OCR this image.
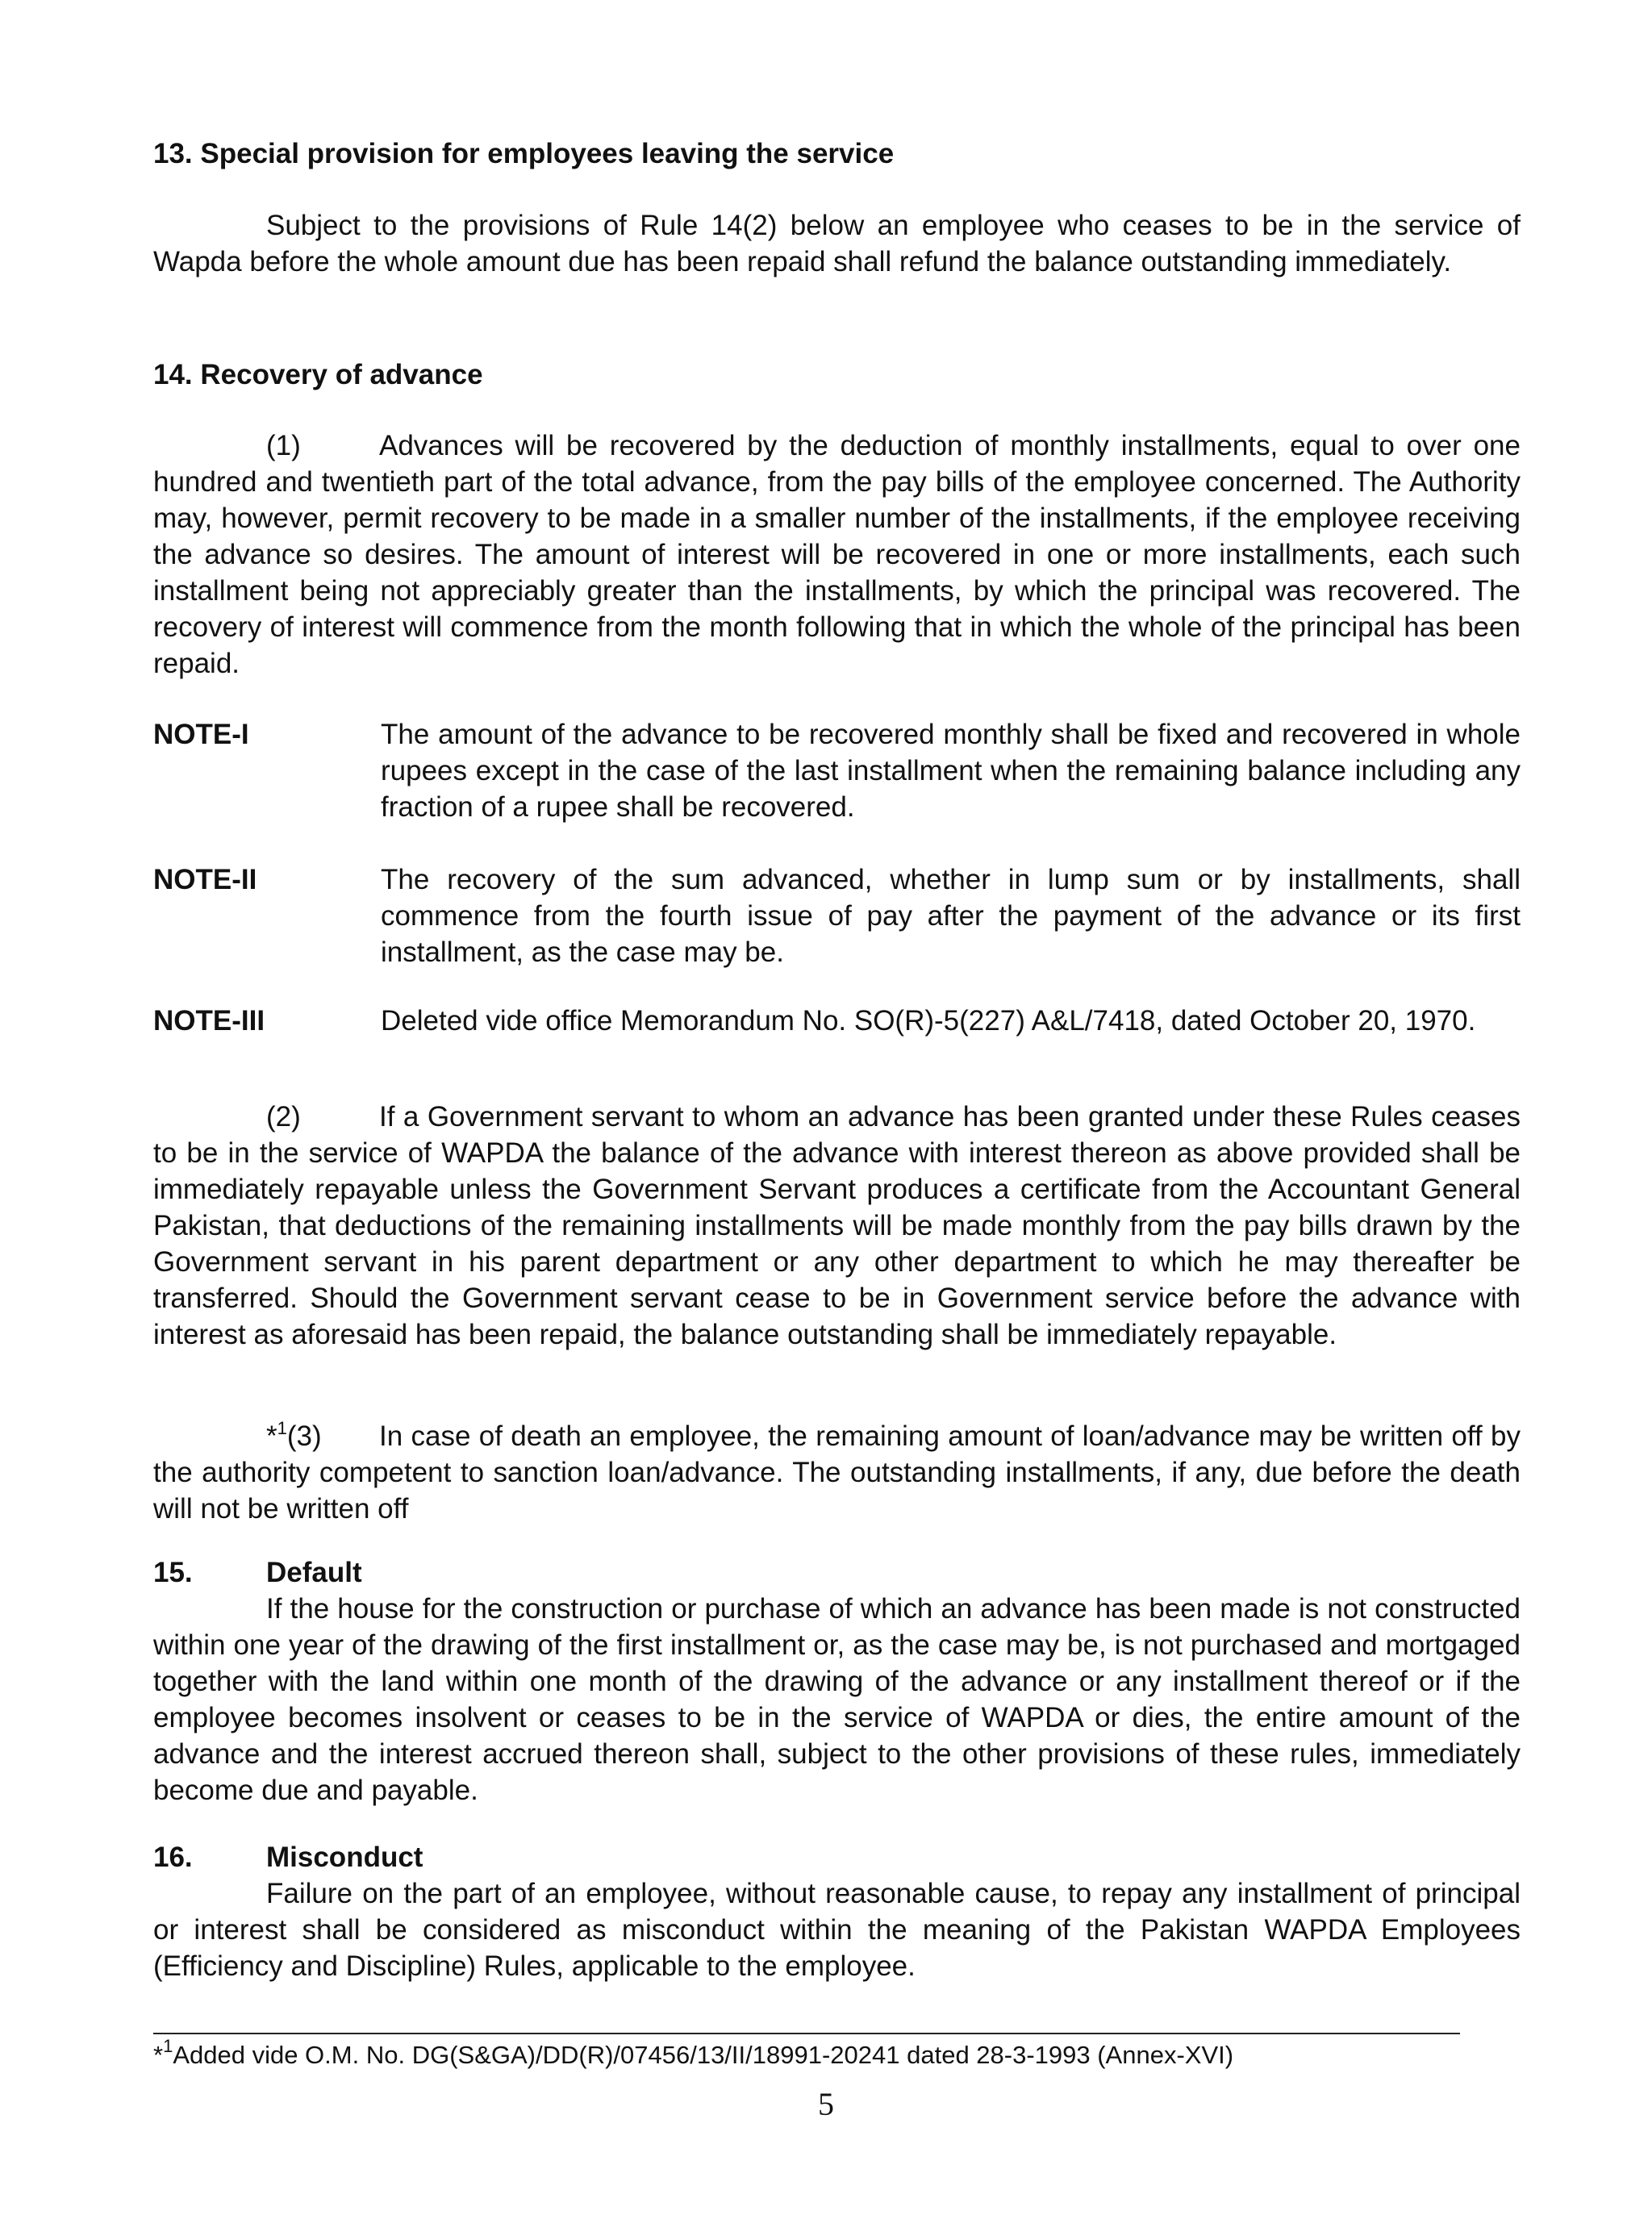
13. Special provision for employees leaving the service
Subject to the provisions of Rule 14(2) below an employee who ceases to be in the service of Wapda before the whole amount due has been repaid shall refund the balance outstanding immediately.
14. Recovery of advance
(1)	Advances will be recovered by the deduction of monthly installments, equal to over one hundred and twentieth part of the total advance, from the pay bills of the employee concerned. The Authority may, however, permit recovery to be made in a smaller number of the installments, if the employee receiving the advance so desires. The amount of interest will be recovered in one or more installments, each such installment being not appreciably greater than the installments, by which the principal was recovered. The recovery of interest will commence from the month following that in which the whole of the principal has been repaid.
NOTE-I	The amount of the advance to be recovered monthly shall be fixed and recovered in whole rupees except in the case of the last installment when the remaining balance including any fraction of a rupee shall be recovered.
NOTE-II	The recovery of the sum advanced, whether in lump sum or by installments, shall commence from the fourth issue of pay after the payment of the advance or its first installment, as the case may be.
NOTE-III	Deleted vide office Memorandum No. SO(R)-5(227) A&L/7418, dated October 20, 1970.
(2)	If a Government servant to whom an advance has been granted under these Rules ceases to be in the service of WAPDA the balance of the advance with interest thereon as above provided shall be immediately repayable unless the Government Servant produces a certificate from the Accountant General Pakistan, that deductions of the remaining installments will be made monthly from the pay bills drawn by the Government servant in his parent department or any other department to which he may thereafter be transferred. Should the Government servant cease to be in Government service before the advance with interest as aforesaid has been repaid, the balance outstanding shall be immediately repayable.
*$^1$(3) In case of death an employee, the remaining amount of loan/advance may be written off by the authority competent to sanction loan/advance. The outstanding installments, if any, due before the death will not be written off
15.	Default
If the house for the construction or purchase of which an advance has been made is not constructed within one year of the drawing of the first installment or, as the case may be, is not purchased and mortgaged together with the land within one month of the drawing of the advance or any installment thereof or if the employee becomes insolvent or ceases to be in the service of WAPDA or dies, the entire amount of the advance and the interest accrued thereon shall, subject to the other provisions of these rules, immediately become due and payable.
16.	Misconduct
Failure on the part of an employee, without reasonable cause, to repay any installment of principal or interest shall be considered as misconduct within the meaning of the Pakistan WAPDA Employees (Efficiency and Discipline) Rules, applicable to the employee.
*$^1$Added vide O.M. No. DG(S&GA)/DD(R)/07456/13/II/18991-20241 dated 28-3-1993 (Annex-XVI)
5
